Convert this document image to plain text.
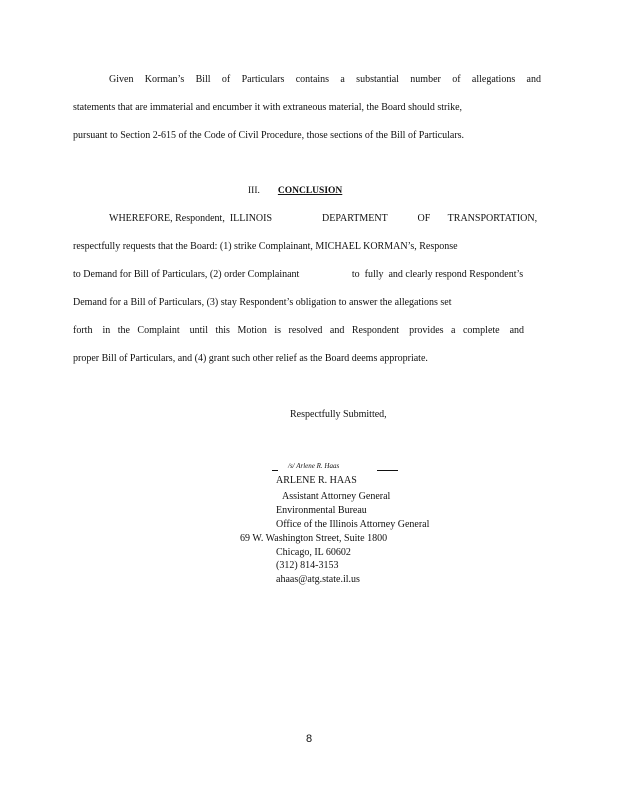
Given Korman’s Bill of Particulars contains a substantial number of allegations and
statements that are immaterial and encumber it with extraneous material, the Board should strike,
pursuant to Section 2-615 of the Code of Civil Procedure, those sections of the Bill of Particulars.
III. CONCLUSION
WHEREFORE, Respondent,  ILLINOIS                    DEPARTMENT            OF       TRANSPORTATION,
respectfully requests that the Board: (1) strike Complainant, MICHAEL KORMAN’s, Response
to Demand for Bill of Particulars, (2) order Complainant                     to  fully  and clearly respond Respondent’s
Demand for a Bill of Particulars, (3) stay Respondent’s obligation to answer the allegations set
forth    in   the   Complaint    until   this   Motion   is   resolved   and   Respondent    provides   a   complete    and
proper Bill of Particulars, and (4) grant such other relief as the Board deems appropriate.
Respectfully Submitted,
/s/ Arlene R. Haas
ARLENE R. HAAS
Assistant Attorney General
Environmental Bureau
Office of the Illinois Attorney General
69 W. Washington Street, Suite 1800
Chicago, IL 60602
(312) 814-3153
ahaas@atg.state.il.us
8
